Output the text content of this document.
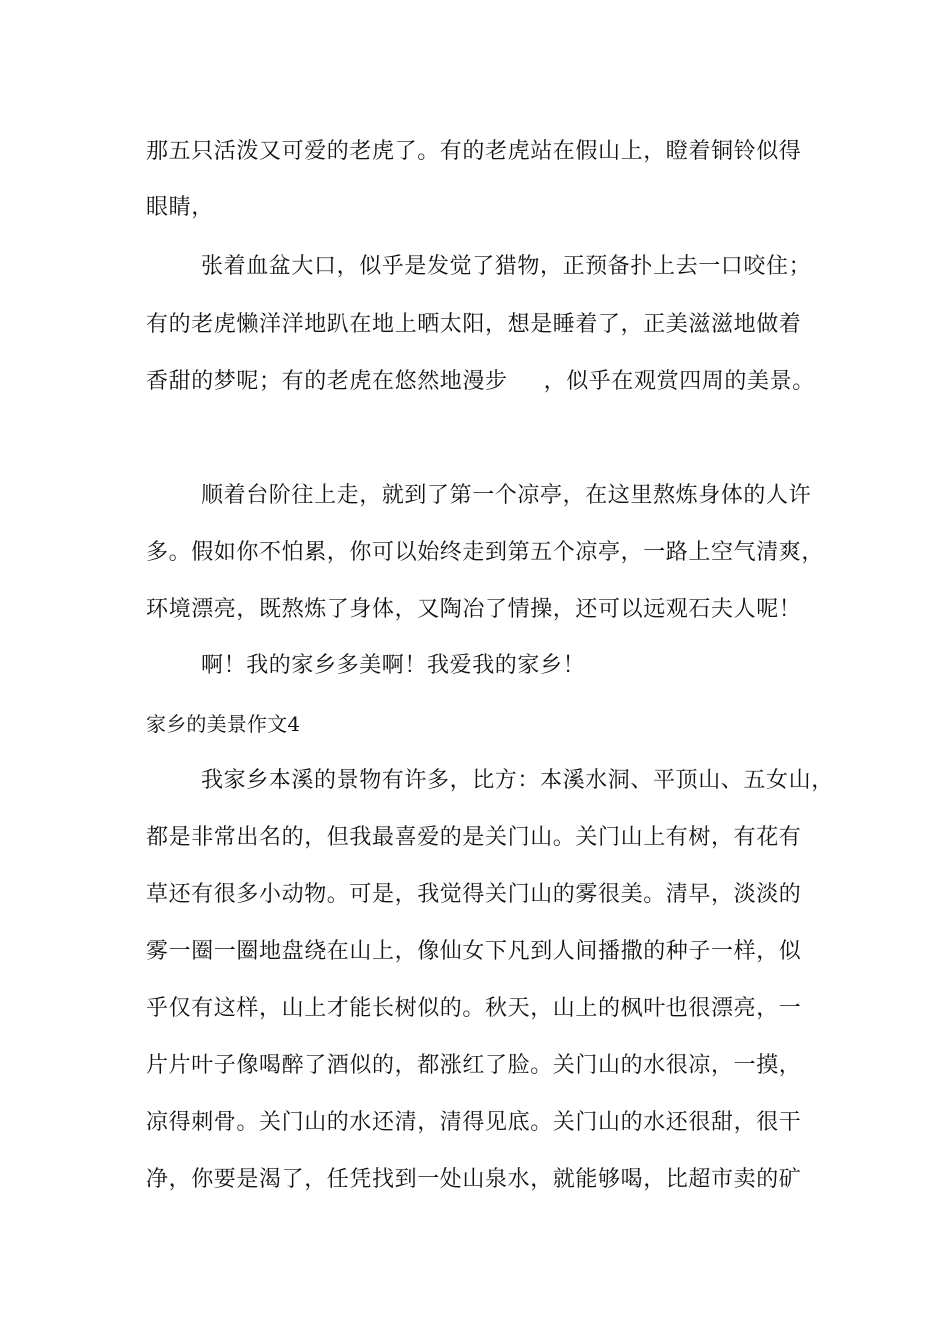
那五只活泼又可爱的老虎了。有的老虎站在假山上，瞪着铜铃似得
眼睛，
张着血盆大口，似乎是发觉了猎物，正预备扑上去一口咬住；
有的老虎懒洋洋地趴在地上晒太阳，想是睡着了，正美滋滋地做着
香甜的梦呢；有的老虎在悠然地漫步 ，似乎在观赏四周的美景。
顺着台阶往上走，就到了第一个凉亭，在这里熬炼身体的人许
多。假如你不怕累，你可以始终走到第五个凉亭，一路上空气清爽，
环境漂亮，既熬炼了身体，又陶冶了情操，还可以远观石夫人呢！
啊！我的家乡多美啊！我爱我的家乡！
家乡的美景作文4
我家乡本溪的景物有许多，比方：本溪水洞、平顶山、五女山，
都是非常出名的，但我最喜爱的是关门山。关门山上有树，有花有
草还有很多小动物。可是，我觉得关门山的雾很美。清早，淡淡的
雾一圈一圈地盘绕在山上，像仙女下凡到人间播撒的种子一样，似
乎仅有这样，山上才能长树似的。秋天，山上的枫叶也很漂亮，一
片片叶子像喝醉了酒似的，都涨红了脸。关门山的水很凉，一摸，
凉得刺骨。关门山的水还清，清得见底。关门山的水还很甜，很干
净，你要是渴了，任凭找到一处山泉水，就能够喝，比超市卖的矿
